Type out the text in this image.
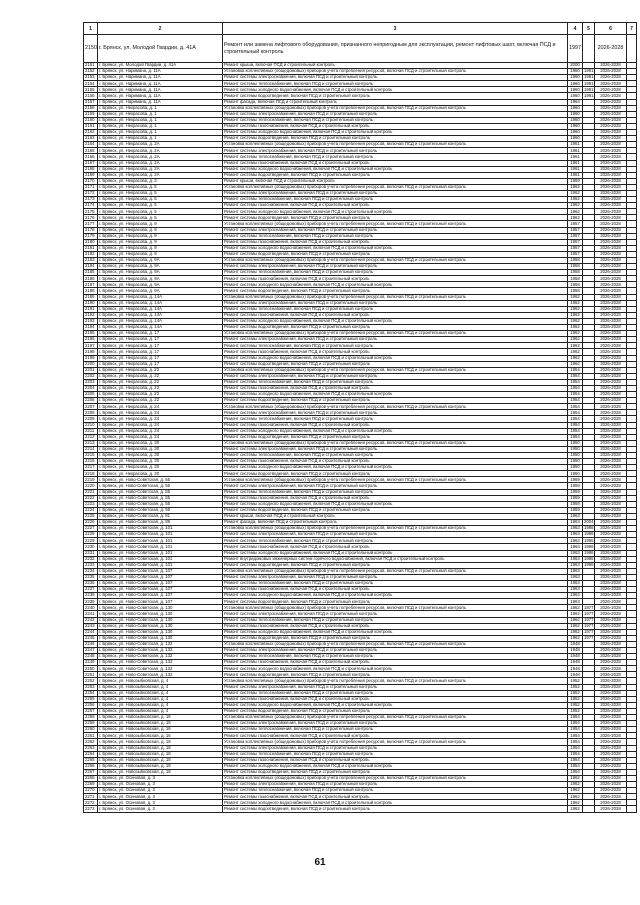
1	2	3	4	5	6	7
2150	г. Брянск, ул. Молодой Гвардии, д. 41А	Ремонт или замена лифтового оборудования, признанного непригодным для эксплуатации, ремонт лифтовых шахт, включая ПСД и строительный контроль	1997		2026-2028	
2151	г. Брянск, ул. Молодой Гвардии, д. 41А	Ремонт крыши, включая ПСД и строительный контроль	2000		2026-2028	
2152	г. Брянск, ул. Наримана, д. 11А	Установка коллективных (общедомовых) приборов учета потребления ресурсов, включая ПСД и строительный контроль	1960	1991	2026-2028	
2153	г. Брянск, ул. Наримана, д. 11А	Ремонт системы электроснабжения, включая ПСД и строительный контроль	1960	1991	2026-2028	
2154	г. Брянск, ул. Наримана, д. 11А	Ремонт системы теплоснабжения, включая ПСД и строительный контроль	1960	1991	2026-2028	
2155	г. Брянск, ул. Наримана, д. 11А	Ремонт системы холодного водоснабжения, включая ПСД и строительный контроль	1960	1991	2026-2028	
2156	г. Брянск, ул. Наримана, д. 11А	Ремонт системы водоотведения, включая ПСД и строительный контроль	1960	1991	2026-2028	
2157	г. Брянск, ул. Наримана, д. 11А	Ремонт фасада, включая ПСД и строительный контроль	1964		2026-2028	
2158	г. Брянск, ул. Некрасова, д. 1	Установка коллективных (общедомовых) приборов учета потребления ресурсов, включая ПСД и строительный контроль	1960		2026-2028	
2159	г. Брянск, ул. Некрасова, д. 1	Ремонт системы электроснабжения, включая ПСД и строительный контроль	1960		2026-2028	
2160	г. Брянск, ул. Некрасова, д. 1	Ремонт системы теплоснабжения, включая ПСД и строительный контроль	1960		2026-2028	
2161	г. Брянск, ул. Некрасова, д. 1	Ремонт системы газоснабжения, включая ПСД и строительный контроль	1960		2026-2028	
2162	г. Брянск, ул. Некрасова, д. 1	Ремонт системы холодного водоснабжения, включая ПСД и строительный контроль	1960		2026-2028	
2163	г. Брянск, ул. Некрасова, д. 1	Ремонт системы водоотведения, включая ПСД и строительный контроль	1960		2026-2028	
2164	г. Брянск, ул. Некрасова, д. 2А	Установка коллективных (общедомовых) приборов учета потребления ресурсов, включая ПСД и строительный контроль	1961		2026-2028	
2165	г. Брянск, ул. Некрасова, д. 2А	Ремонт системы электроснабжения, включая ПСД и строительный контроль	1961		2026-2028	
2166	г. Брянск, ул. Некрасова, д. 2А	Ремонт системы теплоснабжения, включая ПСД и строительный контроль	1961		2026-2028	
2167	г. Брянск, ул. Некрасова, д. 2А	Ремонт системы газоснабжения, включая ПСД и строительный контроль	1961		2026-2028	
2168	г. Брянск, ул. Некрасова, д. 2А	Ремонт системы холодного водоснабжения, включая ПСД и строительный контроль	1961		2026-2028	
2169	г. Брянск, ул. Некрасова, д. 2А	Ремонт системы водоотведения, включая ПСД и строительный контроль	1961		2026-2028	
2170	г. Брянск, ул. Некрасова, д. 3	Ремонт крыши, включая ПСД и строительный контроль	1959		2026-2028	
2171	г. Брянск, ул. Некрасова, д. 5	Установка коллективных (общедомовых) приборов учета потребления ресурсов, включая ПСД и строительный контроль	1962		2026-2028	
2172	г. Брянск, ул. Некрасова, д. 5	Ремонт системы электроснабжения, включая ПСД и строительный контроль	1962		2026-2028	
2173	г. Брянск, ул. Некрасова, д. 5	Ремонт системы теплоснабжения, включая ПСД и строительный контроль	1962		2026-2028	
2174	г. Брянск, ул. Некрасова, д. 5	Ремонт системы газоснабжения, включая ПСД и строительный контроль	1962		2026-2028	
2175	г. Брянск, ул. Некрасова, д. 5	Ремонт системы холодного водоснабжения, включая ПСД и строительный контроль	1962		2026-2028	
2176	г. Брянск, ул. Некрасова, д. 5	Ремонт системы водоотведения, включая ПСД и строительный контроль	1962		2026-2028	
2177	г. Брянск, ул. Некрасова, д. 9	Установка коллективных (общедомовых) приборов учета потребления ресурсов, включая ПСД и строительный контроль	1957		2026-2028	
2178	г. Брянск, ул. Некрасова, д. 9	Ремонт системы электроснабжения, включая ПСД и строительный контроль	1957		2026-2028	
2179	г. Брянск, ул. Некрасова, д. 9	Ремонт системы теплоснабжения, включая ПСД и строительный контроль	1957		2026-2028	
2180	г. Брянск, ул. Некрасова, д. 9	Ремонт системы газоснабжения, включая ПСД и строительный контроль	1957		2026-2028	
2181	г. Брянск, ул. Некрасова, д. 9	Ремонт системы холодного водоснабжения, включая ПСД и строительный контроль	1957		2026-2028	
2182	г. Брянск, ул. Некрасова, д. 9	Ремонт системы водоотведения, включая ПСД и строительный контроль	1957		2026-2028	
2183	г. Брянск, ул. Некрасова, д. 9А	Установка коллективных (общедомовых) приборов учета потребления ресурсов, включая ПСД и строительный контроль	1958		2026-2028	
2184	г. Брянск, ул. Некрасова, д. 9А	Ремонт системы электроснабжения, включая ПСД и строительный контроль	1958		2026-2028	
2185	г. Брянск, ул. Некрасова, д. 9А	Ремонт системы теплоснабжения, включая ПСД и строительный контроль	1958		2026-2028	
2186	г. Брянск, ул. Некрасова, д. 9А	Ремонт системы газоснабжения, включая ПСД и строительный контроль	1958		2026-2028	
2187	г. Брянск, ул. Некрасова, д. 9А	Ремонт системы холодного водоснабжения, включая ПСД и строительный контроль	1958		2026-2028	
2188	г. Брянск, ул. Некрасова, д. 9А	Ремонт системы водоотведения, включая ПСД и строительный контроль	1958		2026-2028	
2189	г. Брянск, ул. Некрасова, д. 14А	Установка коллективных (общедомовых) приборов учета потребления ресурсов, включая ПСД и строительный контроль	1962		2026-2028	
2190	г. Брянск, ул. Некрасова, д. 14А	Ремонт системы электроснабжения, включая ПСД и строительный контроль	1962		2026-2028	
2191	г. Брянск, ул. Некрасова, д. 14А	Ремонт системы теплоснабжения, включая ПСД и строительный контроль	1962		2026-2028	
2192	г. Брянск, ул. Некрасова, д. 14А	Ремонт системы газоснабжения, включая ПСД и строительный контроль	1962		2026-2028	
2193	г. Брянск, ул. Некрасова, д. 14А	Ремонт системы холодного водоснабжения, включая ПСД и строительный контроль	1962		2026-2028	
2194	г. Брянск, ул. Некрасова, д. 14А	Ремонт системы водоотведения, включая ПСД и строительный контроль	1962		2026-2028	
2195	г. Брянск, ул. Некрасова, д. 17	Установка коллективных (общедомовых) приборов учета потребления ресурсов, включая ПСД и строительный контроль	1962		2026-2028	
2196	г. Брянск, ул. Некрасова, д. 17	Ремонт системы электроснабжения, включая ПСД и строительный контроль	1962		2026-2028	
2197	г. Брянск, ул. Некрасова, д. 17	Ремонт системы теплоснабжения, включая ПСД и строительный контроль	1962		2026-2028	
2198	г. Брянск, ул. Некрасова, д. 17	Ремонт системы газоснабжения, включая ПСД и строительный контроль	1962		2026-2028	
2199	г. Брянск, ул. Некрасова, д. 17	Ремонт системы холодного водоснабжения, включая ПСД и строительный контроль	1962		2026-2028	
2200	г. Брянск, ул. Некрасова, д. 17	Ремонт системы водоотведения, включая ПСД и строительный контроль	1962		2026-2028	
2201	г. Брянск, ул. Некрасова, д. 22	Установка коллективных (общедомовых) приборов учета потребления ресурсов, включая ПСД и строительный контроль	1954		2026-2028	
2202	г. Брянск, ул. Некрасова, д. 22	Ремонт системы электроснабжения, включая ПСД и строительный контроль	1954		2026-2028	
2203	г. Брянск, ул. Некрасова, д. 22	Ремонт системы теплоснабжения, включая ПСД и строительный контроль	1954		2026-2028	
2204	г. Брянск, ул. Некрасова, д. 22	Ремонт системы газоснабжения, включая ПСД и строительный контроль	1954		2026-2028	
2205	г. Брянск, ул. Некрасова, д. 22	Ремонт системы холодного водоснабжения, включая ПСД и строительный контроль	1954		2026-2028	
2206	г. Брянск, ул. Некрасова, д. 22	Ремонт системы водоотведения, включая ПСД и строительный контроль	1954		2026-2028	
2207	г. Брянск, ул. Некрасова, д. 24	Установка коллективных (общедомовых) приборов учета потребления ресурсов, включая ПСД и строительный контроль	1954		2026-2028	
2208	г. Брянск, ул. Некрасова, д. 24	Ремонт системы электроснабжения, включая ПСД и строительный контроль	1954		2026-2028	
2209	г. Брянск, ул. Некрасова, д. 24	Ремонт системы теплоснабжения, включая ПСД и строительный контроль	1954		2026-2028	
2210	г. Брянск, ул. Некрасова, д. 24	Ремонт системы газоснабжения, включая ПСД и строительный контроль	1954		2026-2028	
2211	г. Брянск, ул. Некрасова, д. 24	Ремонт системы холодного водоснабжения, включая ПСД и строительный контроль	1954		2026-2028	
2212	г. Брянск, ул. Некрасова, д. 24	Ремонт системы водоотведения, включая ПСД и строительный контроль	1954		2026-2028	
2213	г. Брянск, ул. Некрасова, д. 30	Установка коллективных (общедомовых) приборов учета потребления ресурсов, включая ПСД и строительный контроль	1950		2026-2028	
2214	г. Брянск, ул. Некрасова, д. 30	Ремонт системы электроснабжения, включая ПСД и строительный контроль	1950		2026-2028	
2215	г. Брянск, ул. Некрасова, д. 30	Ремонт системы теплоснабжения, включая ПСД и строительный контроль	1950		2026-2028	
2216	г. Брянск, ул. Некрасова, д. 30	Ремонт системы газоснабжения, включая ПСД и строительный контроль	1950		2026-2028	
2217	г. Брянск, ул. Некрасова, д. 30	Ремонт системы холодного водоснабжения, включая ПСД и строительный контроль	1950		2026-2028	
2218	г. Брянск, ул. Некрасова, д. 30	Ремонт системы водоотведения, включая ПСД и строительный контроль	1950		2026-2028	
2219	г. Брянск, ул. Ново-Советская, д. 55	Установка коллективных (общедомовых) приборов учета потребления ресурсов, включая ПСД и строительный контроль	1959		2026-2028	
2220	г. Брянск, ул. Ново-Советская, д. 55	Ремонт системы электроснабжения, включая ПСД и строительный контроль	1959		2026-2028	
2221	г. Брянск, ул. Ново-Советская, д. 55	Ремонт системы теплоснабжения, включая ПСД и строительный контроль	1959		2026-2028	
2222	г. Брянск, ул. Ново-Советская, д. 55	Ремонт системы газоснабжения, включая ПСД и строительный контроль	1959		2026-2028	
2223	г. Брянск, ул. Ново-Советская, д. 55	Ремонт системы холодного водоснабжения, включая ПСД и строительный контроль	1959		2026-2028	
2224	г. Брянск, ул. Ново-Советская, д. 55	Ремонт системы водоотведения, включая ПСД и строительный контроль	1959		2026-2028	
2225	г. Брянск, ул. Ново-Советская, д. 81	Ремонт крыши, включая ПСД и строительный контроль	1963		2026-2028	
2226	г. Брянск, ул. Ново-Советская, д. 89	Ремонт фасада, включая ПСД и строительный контроль	1963	2004	2026-2028	
2227	г. Брянск, ул. Ново-Советская, д. 101	Установка коллективных (общедомовых) приборов учета потребления ресурсов, включая ПСД и строительный контроль	1963	1986	2026-2028	
2228	г. Брянск, ул. Ново-Советская, д. 101	Ремонт системы электроснабжения, включая ПСД и строительный контроль	1963	1986	2026-2028	
2229	г. Брянск, ул. Ново-Советская, д. 101	Ремонт системы теплоснабжения, включая ПСД и строительный контроль	1963	1986	2026-2028	
2230	г. Брянск, ул. Ново-Советская, д. 101	Ремонт системы газоснабжения, включая ПСД и строительный контроль	1963	1986	2026-2028	
2231	г. Брянск, ул. Ново-Советская, д. 101	Ремонт системы холодного водоснабжения, включая ПСД и строительный контроль	1963	1986	2026-2028	
2232	г. Брянск, ул. Ново-Советская, д. 101	Ремонт внутридомовых инженерных систем горячего водоснабжения, включая ПСД и строительный контроль	1963	1986	2026-2028	
2233	г. Брянск, ул. Ново-Советская, д. 101	Ремонт системы водоотведения, включая ПСД и строительный контроль	1963	1986	2026-2028	
2234	г. Брянск, ул. Ново-Советская, д. 107	Установка коллективных (общедомовых) приборов учета потребления ресурсов, включая ПСД и строительный контроль	1963		2026-2028	
2235	г. Брянск, ул. Ново-Советская, д. 107	Ремонт системы электроснабжения, включая ПСД и строительный контроль	1963		2026-2028	
2236	г. Брянск, ул. Ново-Советская, д. 107	Ремонт системы теплоснабжения, включая ПСД и строительный контроль	1963		2026-2028	
2237	г. Брянск, ул. Ново-Советская, д. 107	Ремонт системы газоснабжения, включая ПСД и строительный контроль	1963		2026-2028	
2238	г. Брянск, ул. Ново-Советская, д. 107	Ремонт системы холодного водоснабжения, включая ПСД и строительный контроль	1963		2026-2028	
2239	г. Брянск, ул. Ново-Советская, д. 107	Ремонт системы водоотведения, включая ПСД и строительный контроль	1963		2026-2028	
2240	г. Брянск, ул. Ново-Советская, д. 130	Установка коллективных (общедомовых) приборов учета потребления ресурсов, включая ПСД и строительный контроль	1962	1977	2026-2028	
2241	г. Брянск, ул. Ново-Советская, д. 130	Ремонт системы электроснабжения, включая ПСД и строительный контроль	1962	1977	2026-2028	
2242	г. Брянск, ул. Ново-Советская, д. 130	Ремонт системы теплоснабжения, включая ПСД и строительный контроль	1962	1977	2026-2028	
2243	г. Брянск, ул. Ново-Советская, д. 130	Ремонт системы газоснабжения, включая ПСД и строительный контроль	1962	1977	2026-2028	
2244	г. Брянск, ул. Ново-Советская, д. 130	Ремонт системы холодного водоснабжения, включая ПСД и строительный контроль	1962	1977	2026-2028	
2245	г. Брянск, ул. Ново-Советская, д. 130	Ремонт системы водоотведения, включая ПСД и строительный контроль	1962	1977	2026-2028	
2246	г. Брянск, ул. Ново-Советская, д. 132	Установка коллективных (общедомовых) приборов учета потребления ресурсов, включая ПСД и строительный контроль	1948		2026-2028	
2247	г. Брянск, ул. Ново-Советская, д. 132	Ремонт системы электроснабжения, включая ПСД и строительный контроль	1948		2026-2028	
2248	г. Брянск, ул. Ново-Советская, д. 132	Ремонт системы теплоснабжения, включая ПСД и строительный контроль	1948		2026-2028	
2249	г. Брянск, ул. Ново-Советская, д. 132	Ремонт системы газоснабжения, включая ПСД и строительный контроль	1948		2026-2028	
2250	г. Брянск, ул. Ново-Советская, д. 132	Ремонт системы холодного водоснабжения, включая ПСД и строительный контроль	1948		2026-2028	
2251	г. Брянск, ул. Ново-Советская, д. 132	Ремонт системы водоотведения, включая ПСД и строительный контроль	1948		2026-2028	
2252	г. Брянск, ул. Новозыбковская, д. 4	Установка коллективных (общедомовых) приборов учета потребления ресурсов, включая ПСД и строительный контроль	1952		2026-2028	
2253	г. Брянск, ул. Новозыбковская, д. 4	Ремонт системы электроснабжения, включая ПСД и строительный контроль	1952		2026-2028	
2254	г. Брянск, ул. Новозыбковская, д. 4	Ремонт системы теплоснабжения, включая ПСД и строительный контроль	1952		2026-2028	
2255	г. Брянск, ул. Новозыбковская, д. 4	Ремонт системы газоснабжения, включая ПСД и строительный контроль	1952		2026-2028	
2256	г. Брянск, ул. Новозыбковская, д. 4	Ремонт системы холодного водоснабжения, включая ПСД и строительный контроль	1952		2026-2028	
2257	г. Брянск, ул. Новозыбковская, д. 4	Ремонт системы водоотведения, включая ПСД и строительный контроль	1952		2026-2028	
2258	г. Брянск, ул. Новозыбковская, д. 16	Установка коллективных (общедомовых) приборов учета потребления ресурсов, включая ПСД и строительный контроль	1954		2026-2028	
2259	г. Брянск, ул. Новозыбковская, д. 16	Ремонт системы электроснабжения, включая ПСД и строительный контроль	1954		2026-2028	
2260	г. Брянск, ул. Новозыбковская, д. 16	Ремонт системы теплоснабжения, включая ПСД и строительный контроль	1954		2026-2028	
2261	г. Брянск, ул. Новозыбковская, д. 16	Ремонт системы газоснабжения, включая ПСД и строительный контроль	1954		2026-2028	
2262	г. Брянск, ул. Новозыбковская, д. 18	Установка коллективных (общедомовых) приборов учета потребления ресурсов, включая ПСД и строительный контроль	1954		2026-2028	
2263	г. Брянск, ул. Новозыбковская, д. 18	Ремонт системы электроснабжения, включая ПСД и строительный контроль	1954		2026-2028	
2264	г. Брянск, ул. Новозыбковская, д. 18	Ремонт системы теплоснабжения, включая ПСД и строительный контроль	1954		2026-2028	
2265	г. Брянск, ул. Новозыбковская, д. 18	Ремонт системы газоснабжения, включая ПСД и строительный контроль	1954		2026-2028	
2266	г. Брянск, ул. Новозыбковская, д. 18	Ремонт системы холодного водоснабжения, включая ПСД и строительный контроль	1954		2026-2028	
2267	г. Брянск, ул. Новозыбковская, д. 18	Ремонт системы водоотведения, включая ПСД и строительный контроль	1954		2026-2028	
2268	г. Брянск, ул. Осиновая, д. 3	Установка коллективных (общедомовых) приборов учета потребления ресурсов, включая ПСД и строительный контроль	1962		2026-2028	
2269	г. Брянск, ул. Осиновая, д. 3	Ремонт системы электроснабжения, включая ПСД и строительный контроль	1962		2026-2028	
2270	г. Брянск, ул. Осиновая, д. 3	Ремонт системы теплоснабжения, включая ПСД и строительный контроль	1962		2026-2028	
2271	г. Брянск, ул. Осиновая, д. 3	Ремонт системы газоснабжения, включая ПСД и строительный контроль	1962		2026-2028	
2272	г. Брянск, ул. Осиновая, д. 3	Ремонт системы холодного водоснабжения, включая ПСД и строительный контроль	1962		2026-2028	
2273	г. Брянск, ул. Осиновая, д. 3	Ремонт системы водоотведения, включая ПСД и строительный контроль	1962		2026-2028	
61
